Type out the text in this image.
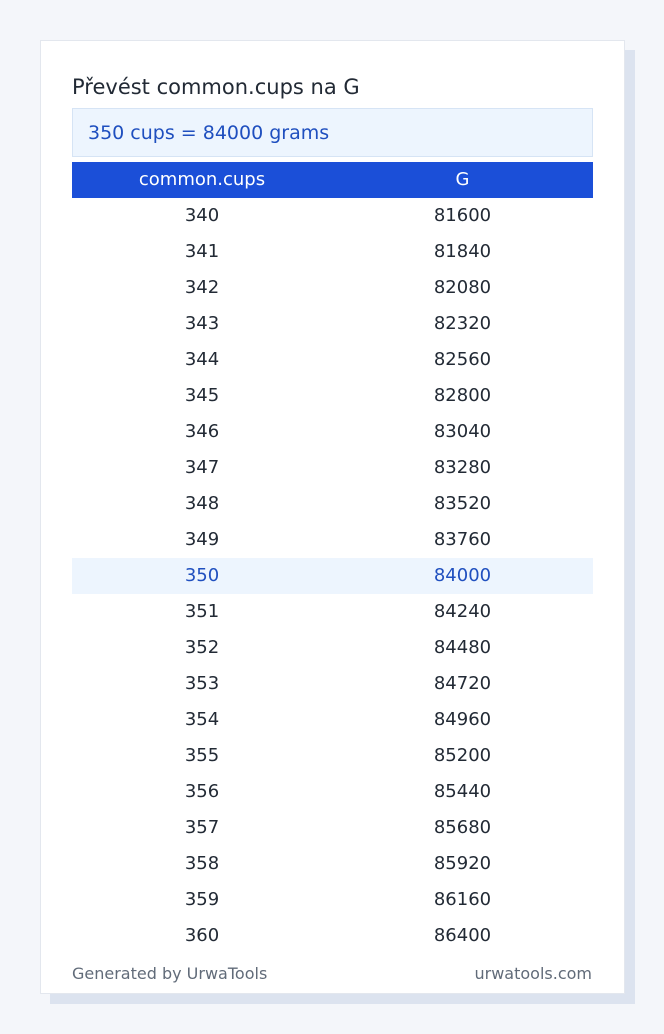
Převést common.cups na G
350 cups = 84000 grams
common.cups	G
340	81600
341	81840
342	82080
343	82320
344	82560
345	82800
346	83040
347	83280
348	83520
349	83760
350	84000
351	84240
352	84480
353	84720
354	84960
355	85200
356	85440
357	85680
358	85920
359	86160
360	86400
Generated by UrwaTools	urwatools.com
